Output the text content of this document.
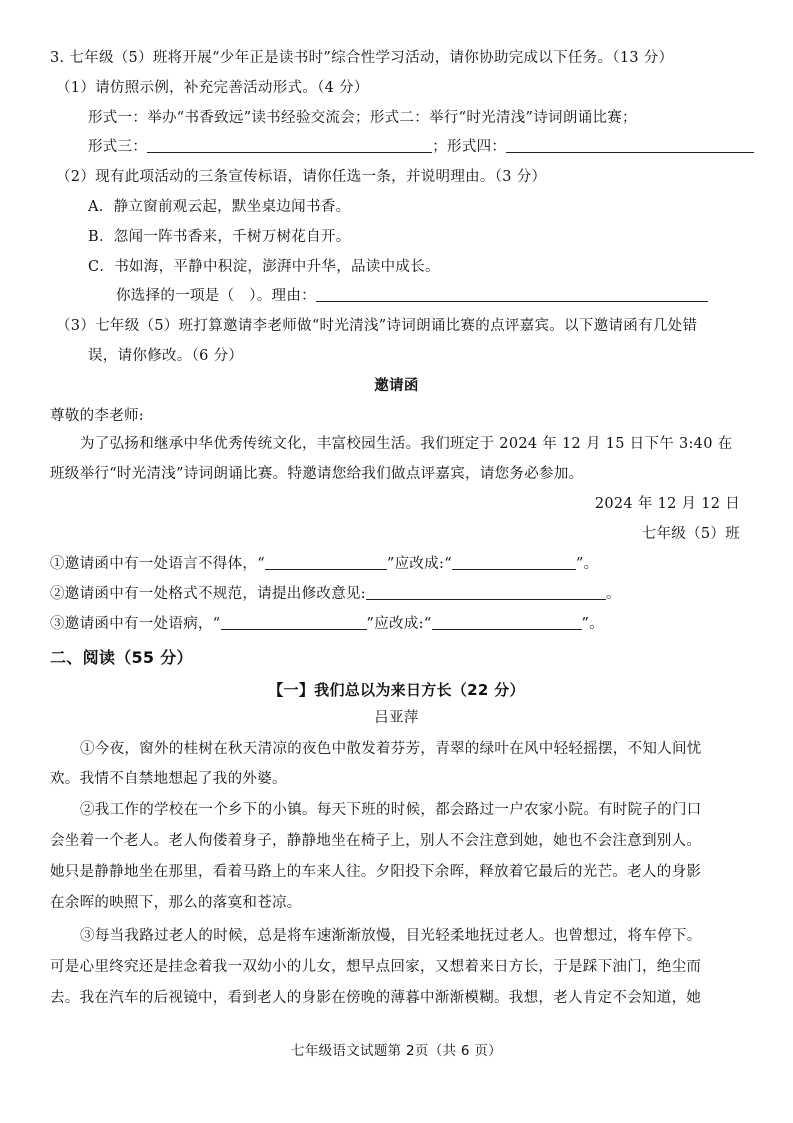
3. 七年级（5）班将开展“少年正是读书时”综合性学习活动，请你协助完成以下任务。（13 分）
（1）请仿照示例，补充完善活动形式。（4 分）
形式一：举办“书香致远”读书经验交流会；形式二：举行“时光清浅”诗词朗诵比赛；
形式三：	；形式四：
（2）现有此项活动的三条宣传标语，请你任选一条，并说明理由。（3 分）
A．静立窗前观云起，默坐桌边闻书香。
B．忽闻一阵书香来，千树万树花自开。
C．书如海，平静中积淀，澎湃中升华，品读中成长。
你选择的一项是（　）。理由：
（3）七年级（5）班打算邀请李老师做“时光清浅”诗词朗诵比赛的点评嘉宾。以下邀请函有几处错
误，请你修改。（6 分）
邀请函
尊敬的李老师:
为了弘扬和继承中华优秀传统文化，丰富校园生活。我们班定于 2024 年 12 月 15 日下午 3:40 在
班级举行“时光清浅”诗词朗诵比赛。特邀请您给我们做点评嘉宾，请您务必参加。
2024 年 12 月 12 日
七年级（5）班
①邀请函中有一处语言不得体，“	”应改成:“	”。
②邀请函中有一处格式不规范，请提出修改意见:	。
③邀请函中有一处语病，“	”应改成:“	”。
二、阅读（55 分）
【一】我们总以为来日方长（22 分）
吕亚萍
①今夜，窗外的桂树在秋天清凉的夜色中散发着芬芳，青翠的绿叶在风中轻轻摇摆，不知人间忧
欢。我情不自禁地想起了我的外婆。
②我工作的学校在一个乡下的小镇。每天下班的时候，都会路过一户农家小院。有时院子的门口
会坐着一个老人。老人佝偻着身子，静静地坐在椅子上，别人不会注意到她，她也不会注意到别人。
她只是静静地坐在那里，看着马路上的车来人往。夕阳投下余晖，释放着它最后的光芒。老人的身影
在余晖的映照下，那么的落寞和苍凉。
③每当我路过老人的时候，总是将车速渐渐放慢，目光轻柔地抚过老人。也曾想过，将车停下。
可是心里终究还是挂念着我一双幼小的儿女，想早点回家，又想着来日方长，于是踩下油门，绝尘而
去。我在汽车的后视镜中，看到老人的身影在傍晚的薄暮中渐渐模糊。我想，老人肯定不会知道，她
七年级语文试题第 2页（共 6 页）
